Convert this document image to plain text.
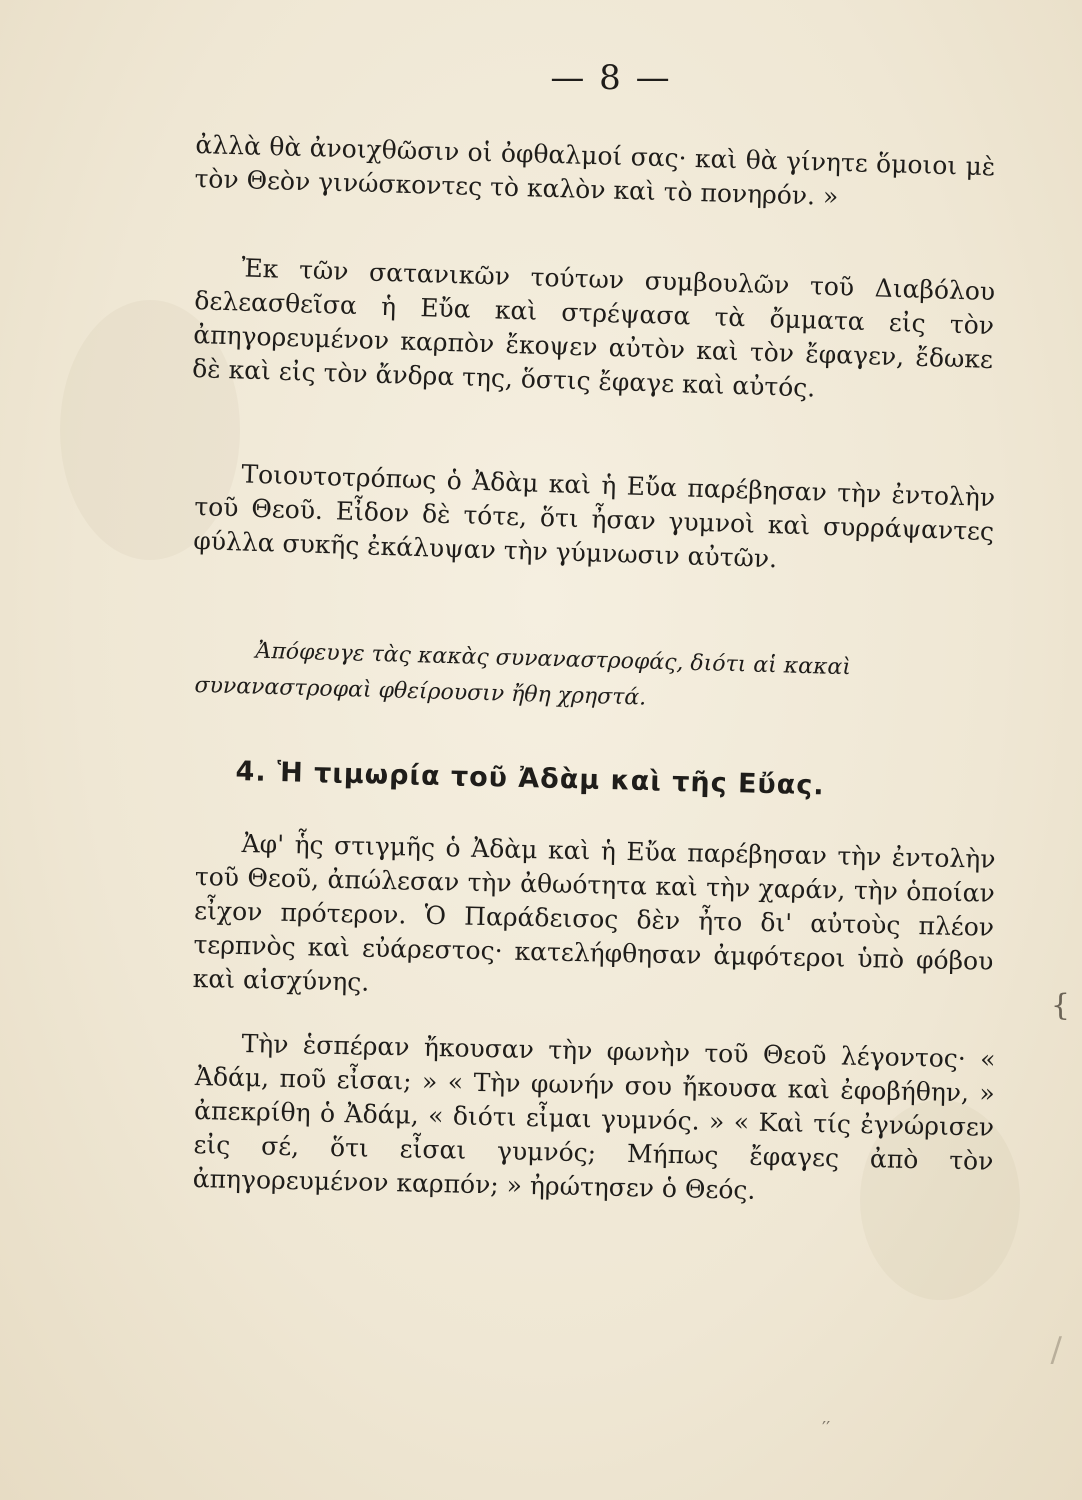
— 8 —

ἀλλὰ θὰ ἀνοιχθῶσιν οἱ ὀφθαλμοί σας· καὶ θὰ γίνητε ὅμοιοι μὲ τὸν Θεὸν γινώσκοντες τὸ καλὸν καὶ τὸ πονηρόν. »

Ἐκ τῶν σατανικῶν τούτων συμβουλῶν τοῦ Διαβόλου δελεασθεῖσα ἡ Εὔα καὶ στρέψασα τὰ ὄμματα εἰς τὸν ἀπηγορευμένον καρπὸν ἔκοψεν αὐτὸν καὶ τὸν ἔφαγεν, ἔδωκε δὲ καὶ εἰς τὸν ἄνδρα της, ὅστις ἔφαγε καὶ αὐτός.

Τοιουτοτρόπως ὁ Ἀδὰμ καὶ ἡ Εὔα παρέβησαν τὴν ἐντολὴν τοῦ Θεοῦ. Εἶδον δὲ τότε, ὅτι ἦσαν γυμνοὶ καὶ συρράψαντες φύλλα συκῆς ἐκάλυψαν τὴν γύμνωσιν αὐτῶν.

Ἀπόφευγε τὰς κακὰς συναναστροφάς, διότι αἱ κακαὶ συναναστροφαὶ φθείρουσιν ἤθη χρηστά.
4. Ἡ τιμωρία τοῦ Ἀδὰμ καὶ τῆς Εὔας.

Ἀφ' ἧς στιγμῆς ὁ Ἀδὰμ καὶ ἡ Εὔα παρέβησαν τὴν ἐντολὴν τοῦ Θεοῦ, ἀπώλεσαν τὴν ἀθωότητα καὶ τὴν χαράν, τὴν ὁποίαν εἶχον πρότερον. Ὁ Παράδεισος δὲν ἦτο δι' αὐτοὺς πλέον τερπνὸς καὶ εὐάρεστος· κατελήφθησαν ἀμφότεροι ὑπὸ φόβου καὶ αἰσχύνης.

Τὴν ἑσπέραν ἤκουσαν τὴν φωνὴν τοῦ Θεοῦ λέγοντος· « Ἀδάμ, ποῦ εἶσαι; » « Τὴν φωνήν σου ἤκουσα καὶ ἐφοβήθην, » ἀπεκρίθη ὁ Ἀδάμ, « διότι εἶμαι γυμνός. » « Καὶ τίς ἐγνώρισεν εἰς σέ, ὅτι εἶσαι γυμνός; Μήπως ἔφαγες ἀπὸ τὸν ἀπηγορευμένον καρπόν; » ἠρώτησεν ὁ Θεός.

{
/
′′
